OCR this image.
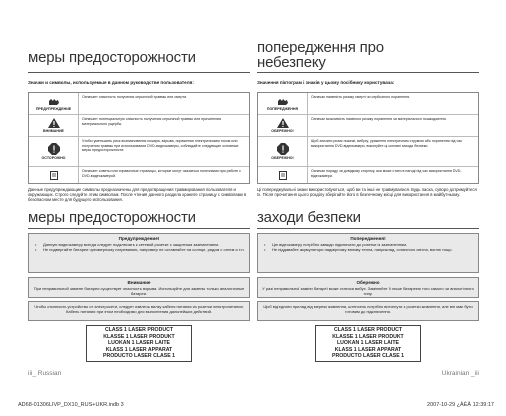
меры предосторожности
Значки и символы, используемые в данном руководстве пользователя:
ПРЕДУПРЕЖДЕНИЕ
Означает опасность получения серьезной травмы или смерти.
ВНИМАНИЕ
Означает потенциальную опасность получения серьезной травмы или причинения материального ущерба.
ОСТОРОЖНО
Чтобы уменьшить риск возникновения пожара, взрыва, поражения электрическим током или получения травмы при использовании DVD-видеокамеры, соблюдайте следующие основные меры предосторожности:
Означает советы или справочные страницы, которые могут оказаться полезными при работе с DVD-видеокамерой.
Данные предупреждающие символы предназначены для предотвращения травмирования пользователя и окружающих. Строго следуйте этим символам. После чтения данного раздела храните страницу с символами в безопасном месте для будущего использования.
меры предосторожности
Предупреждение!
• Данную видеокамеру всегда следует подключать к сетевой розетке с защитным заземлением.
• Не подвергайте батареи чрезмерному нагреванию, например не оставляйте на солнце, рядом с огнем и т.п.
Внимание
При неправильной замене батареи существует опасность взрыва. Используйте для замены только аналогичные батареи.
Чтобы отключить устройство от электросети, следует извлечь вилку кабеля питания из розетки электропитания. Кабель питания при этом необходимо для выполнения дальнейших действий.
CLASS 1 LASER PRODUCT
KLASSE 1 LASER PRODUKT
LUOKAN 1 LASER LAITE
KLASS 1 LASER APPARAT
PRODUCTO LASER CLASE 1
iii_ Russian
попередження про
небезпеку
Значення піктограм і знаків у цьому посібнику користувача:
ПОПЕРЕДЖЕННЯ
Означає наявність ризику смерті чи серйозного поранення.
ОБЕРЕЖНО!
Означає можливість наявного ризику поранення чи матеріального пошкодження.
ОБЕРЕЖНО!
Щоб знизити ризик пожежі, вибуху, ураження електричним струмом або поранення під час використання DVD-відеокамери, виконуйте ці основні заходи безпеки.
Означає пораду чи довідкову сторінку, яка може стати в нагоді під час використання DVD-відеокамери.
Ці попереджувальні знаки використовуються, щоб ви та інші не травмувалися. Будь ласка, суворо дотримуйтеся їх. Після прочитання цього розділу зберігайте його в безпечному місці для використання в майбутньому.
заходи безпеки
Попередження!
• Цю відеокамеру потрібно завжди підключати до розетки із заземленням.
• Не піддавайте акумулятори надмірному впливу тепла, наприклад, сонячного світла, вогню тощо.
Обережно
У разі неправильної заміни батареї може статися вибух. Замінюйте її лише батареєю того самого чи аналогічного типу.
Щоб від'єднати прилад від мережі живлення, штепсель потрібно витягнути з розетки живлення, але він має бути готовим до підключення.
CLASS 1 LASER PRODUCT
KLASSE 1 LASER PRODUKT
LUOKAN 1 LASER LAITE
KLASS 1 LASER APPARAT
PRODUCTO LASER CLASE 1
Ukrainian _iii
AD68-01306LIVP_DX10_RUS+UKR.indb 3	2007-10-29 ¿ÀÈÄ 12:39:17
